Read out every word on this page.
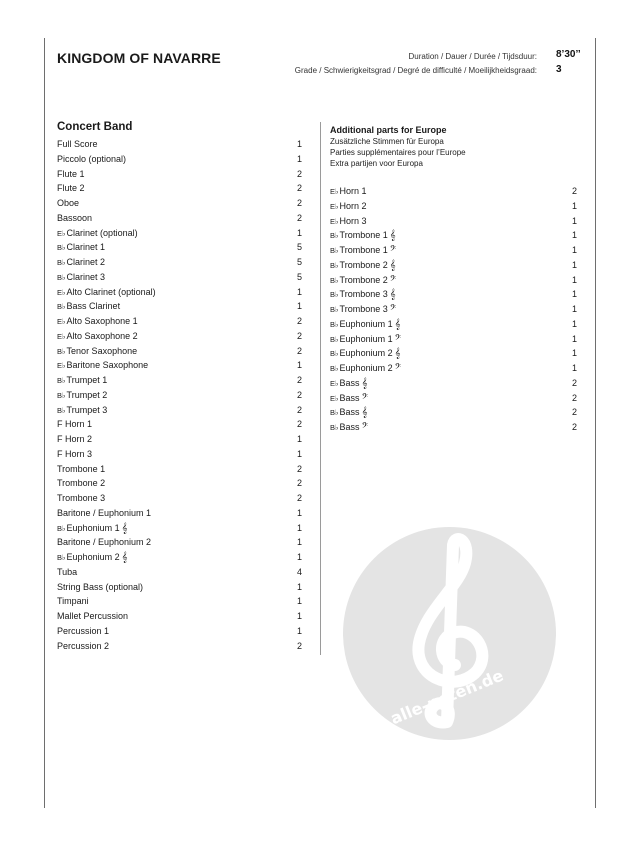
KINGDOM OF NAVARRE	Duration / Dauer / Durée / Tijdsduur: 8’30’’
Grade / Schwierigkeitsgrad / Degré de difficulté / Moeilijkheidsgraad: 3
Concert Band
Full Score	1
Piccolo (optional)	1
Flute 1	2
Flute 2	2
Oboe	2
Bassoon	2
E♭Clarinet (optional)	1
B♭Clarinet 1	5
B♭Clarinet 2	5
B♭Clarinet 3	5
E♭Alto Clarinet (optional)	1
B♭Bass Clarinet	1
E♭Alto Saxophone 1	2
E♭Alto Saxophone 2	2
B♭Tenor Saxophone	2
E♭Baritone Saxophone	1
B♭Trumpet 1	2
B♭Trumpet 2	2
B♭Trumpet 3	2
F Horn 1	2
F Horn 2	1
F Horn 3	1
Trombone 1	2
Trombone 2	2
Trombone 3	2
Baritone / Euphonium 1	1
B♭Euphonium 1 𝄞	1
Baritone / Euphonium 2	1
B♭Euphonium 2 𝄞	1
Tuba	4
String Bass (optional)	1
Timpani	1
Mallet Percussion	1
Percussion 1	1
Percussion 2	2
Additional parts for Europe
Zusätzliche Stimmen für Europa
Parties supplémentaires pour l’Europe
Extra partijen voor Europa
E♭Horn 1	2
E♭Horn 2	1
E♭Horn 3	1
B♭Trombone 1 𝄞	1
B♭Trombone 1 𝄢	1
B♭Trombone 2 𝄞	1
B♭Trombone 2 𝄢	1
B♭Trombone 3 𝄞	1
B♭Trombone 3 𝄢	1
B♭Euphonium 1 𝄞	1
B♭Euphonium 1 𝄢	1
B♭Euphonium 2 𝄞	1
B♭Euphonium 2 𝄢	1
E♭Bass 𝄞	2
E♭Bass 𝄢	2
B♭Bass 𝄞	2
B♭Bass 𝄢	2
alle-noten.de
